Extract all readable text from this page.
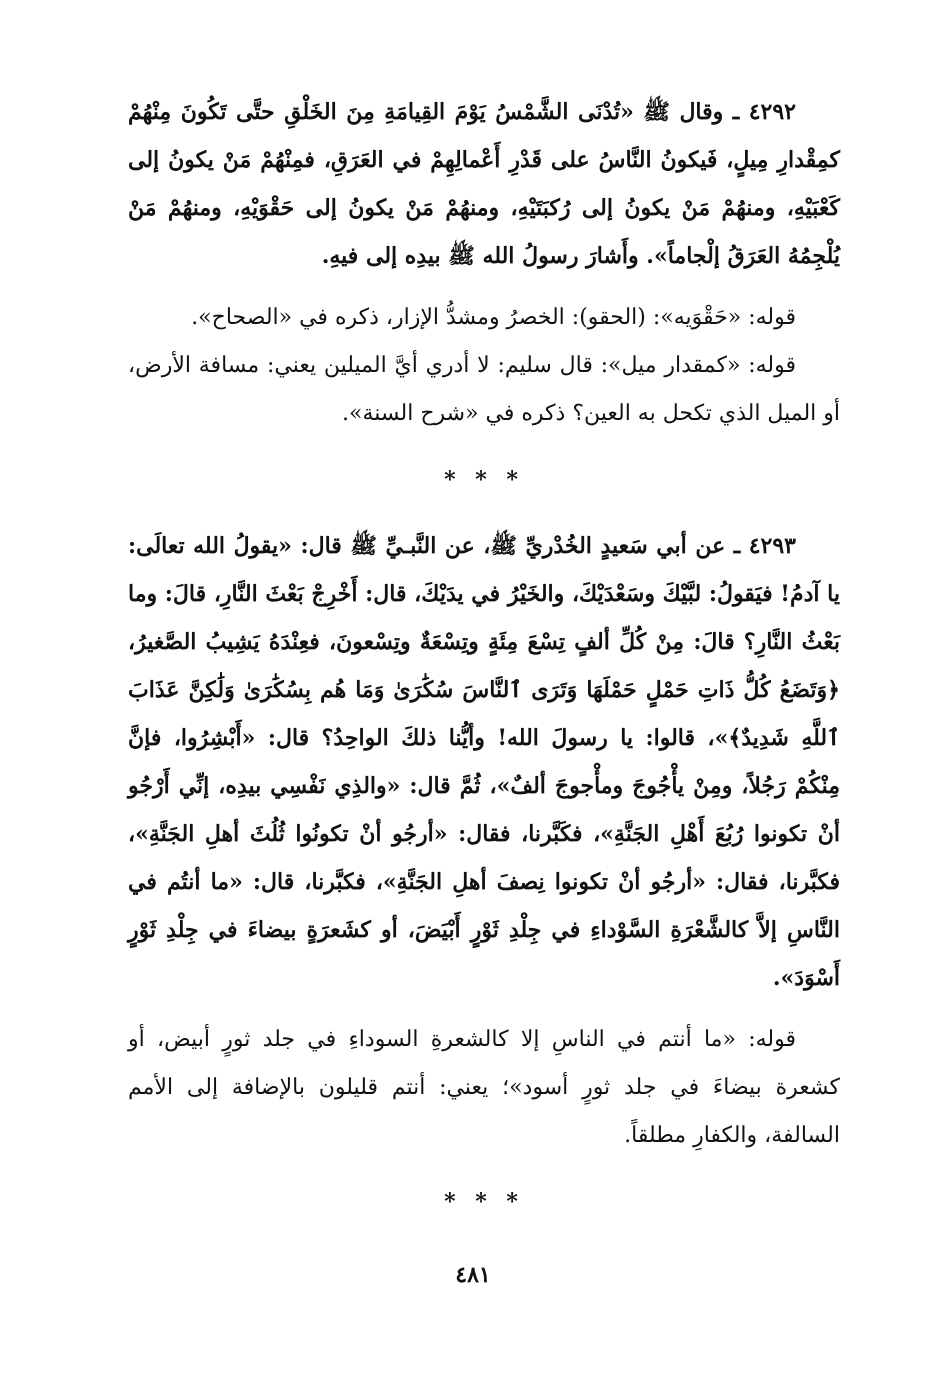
٤٢٩٢ ـ وقال ﷺ «تُدْنَى الشَّمْسُ يَوْمَ القِيامَةِ مِنَ الخَلْقِ حتَّى تَكُونَ مِنْهُمْ كمِقْدارِ مِيلٍ، فَيكونُ النَّاسُ على قَدْرِ أَعْمالِهِمْ في العَرَقِ، فمِنْهُمْ مَنْ يكونُ إلى كَعْبَيْهِ، ومنهُمْ مَنْ يكونُ إلى رُكبَتَيْهِ، ومنهُمْ مَنْ يكونُ إلى حَقْوَيْهِ، ومنهُمْ مَنْ يُلْجِمُهُ العَرَقُ إلْجاماً». وأَشارَ رسولُ الله ﷺ بيدِه إلى فيهِ.

قوله: «حَقْوَيه»: (الحقو): الخصرُ ومشدُّ الإزار، ذكره في «الصحاح».

قوله: «كمقدار ميل»: قال سليم: لا أدري أيَّ الميلين يعني: مسافة الأرض، أو الميل الذي تكحل به العين؟ ذكره في «شرح السنة».

* * *

٤٢٩٣ ـ عن أبي سَعيدٍ الخُدْريِّ ﷺ، عن النَّبـيِّ ﷺ قال: «يقولُ الله تعالَى: يا آدمُ! فيَقولُ: لبَّيْكَ وسَعْدَيْكَ، والخَيْرُ في يدَيْكَ، قال: أَخْرِجْ بَعْثَ النَّارِ، قالَ: وما بَعْثُ النَّارِ؟ قالَ: مِنْ كُلِّ ألفٍ تِسْعَ مِئَةٍ وتِسْعَةٌ وتِسْعونَ، فعِنْدَهُ يَشِيبُ الصَّغيرُ، ﴿وَتَضَعُ كُلُّ ذَاتِ حَمْلٍ حَمْلَهَا وَتَرَى ٱلنَّاسَ سُكَٰرَىٰ وَمَا هُم بِسُكَٰرَىٰ وَلَٰكِنَّ عَذَابَ ٱللَّهِ شَدِيدٌ﴾»، قالوا: يا رسولَ الله! وأيُّنا ذلكَ الواحِدُ؟ قال: «أَبْشِرُوا، فإنَّ مِنْكُمْ رَجُلاً، ومِنْ يأْجُوجَ ومأْجوجَ ألفٌ»، ثُمَّ قال: «والذِي نَفْسِي بيدِه، إنِّي أَرْجُو أنْ تكونوا رُبُعَ أَهْلِ الجَنَّةِ»، فكَبَّرنا، فقال: «أرجُو أنْ تكونُوا ثُلُثَ أهلِ الجَنَّةِ»، فكبَّرنا، فقال: «أرجُو أنْ تكونوا نِصفَ أهلِ الجَنَّةِ»، فكبَّرنا، قال: «ما أنتُم في النَّاسِ إلاَّ كالشَّعْرَةِ السَّوْداءِ في جِلْدِ ثَوْرٍ أَبْيَضَ، أو كشَعرَةٍ بيضاءَ في جِلْدِ ثَوْرٍ أَسْوَدَ».

قوله: «ما أنتم في الناسِ إلا كالشعرةِ السوداءِ في جلد ثورٍ أبيض، أو كشعرة بيضاءَ في جلد ثورٍ أسود»؛ يعني: أنتم قليلون بالإضافة إلى الأمم السالفة، والكفارِ مطلقاً.

* * *
٤٨١
